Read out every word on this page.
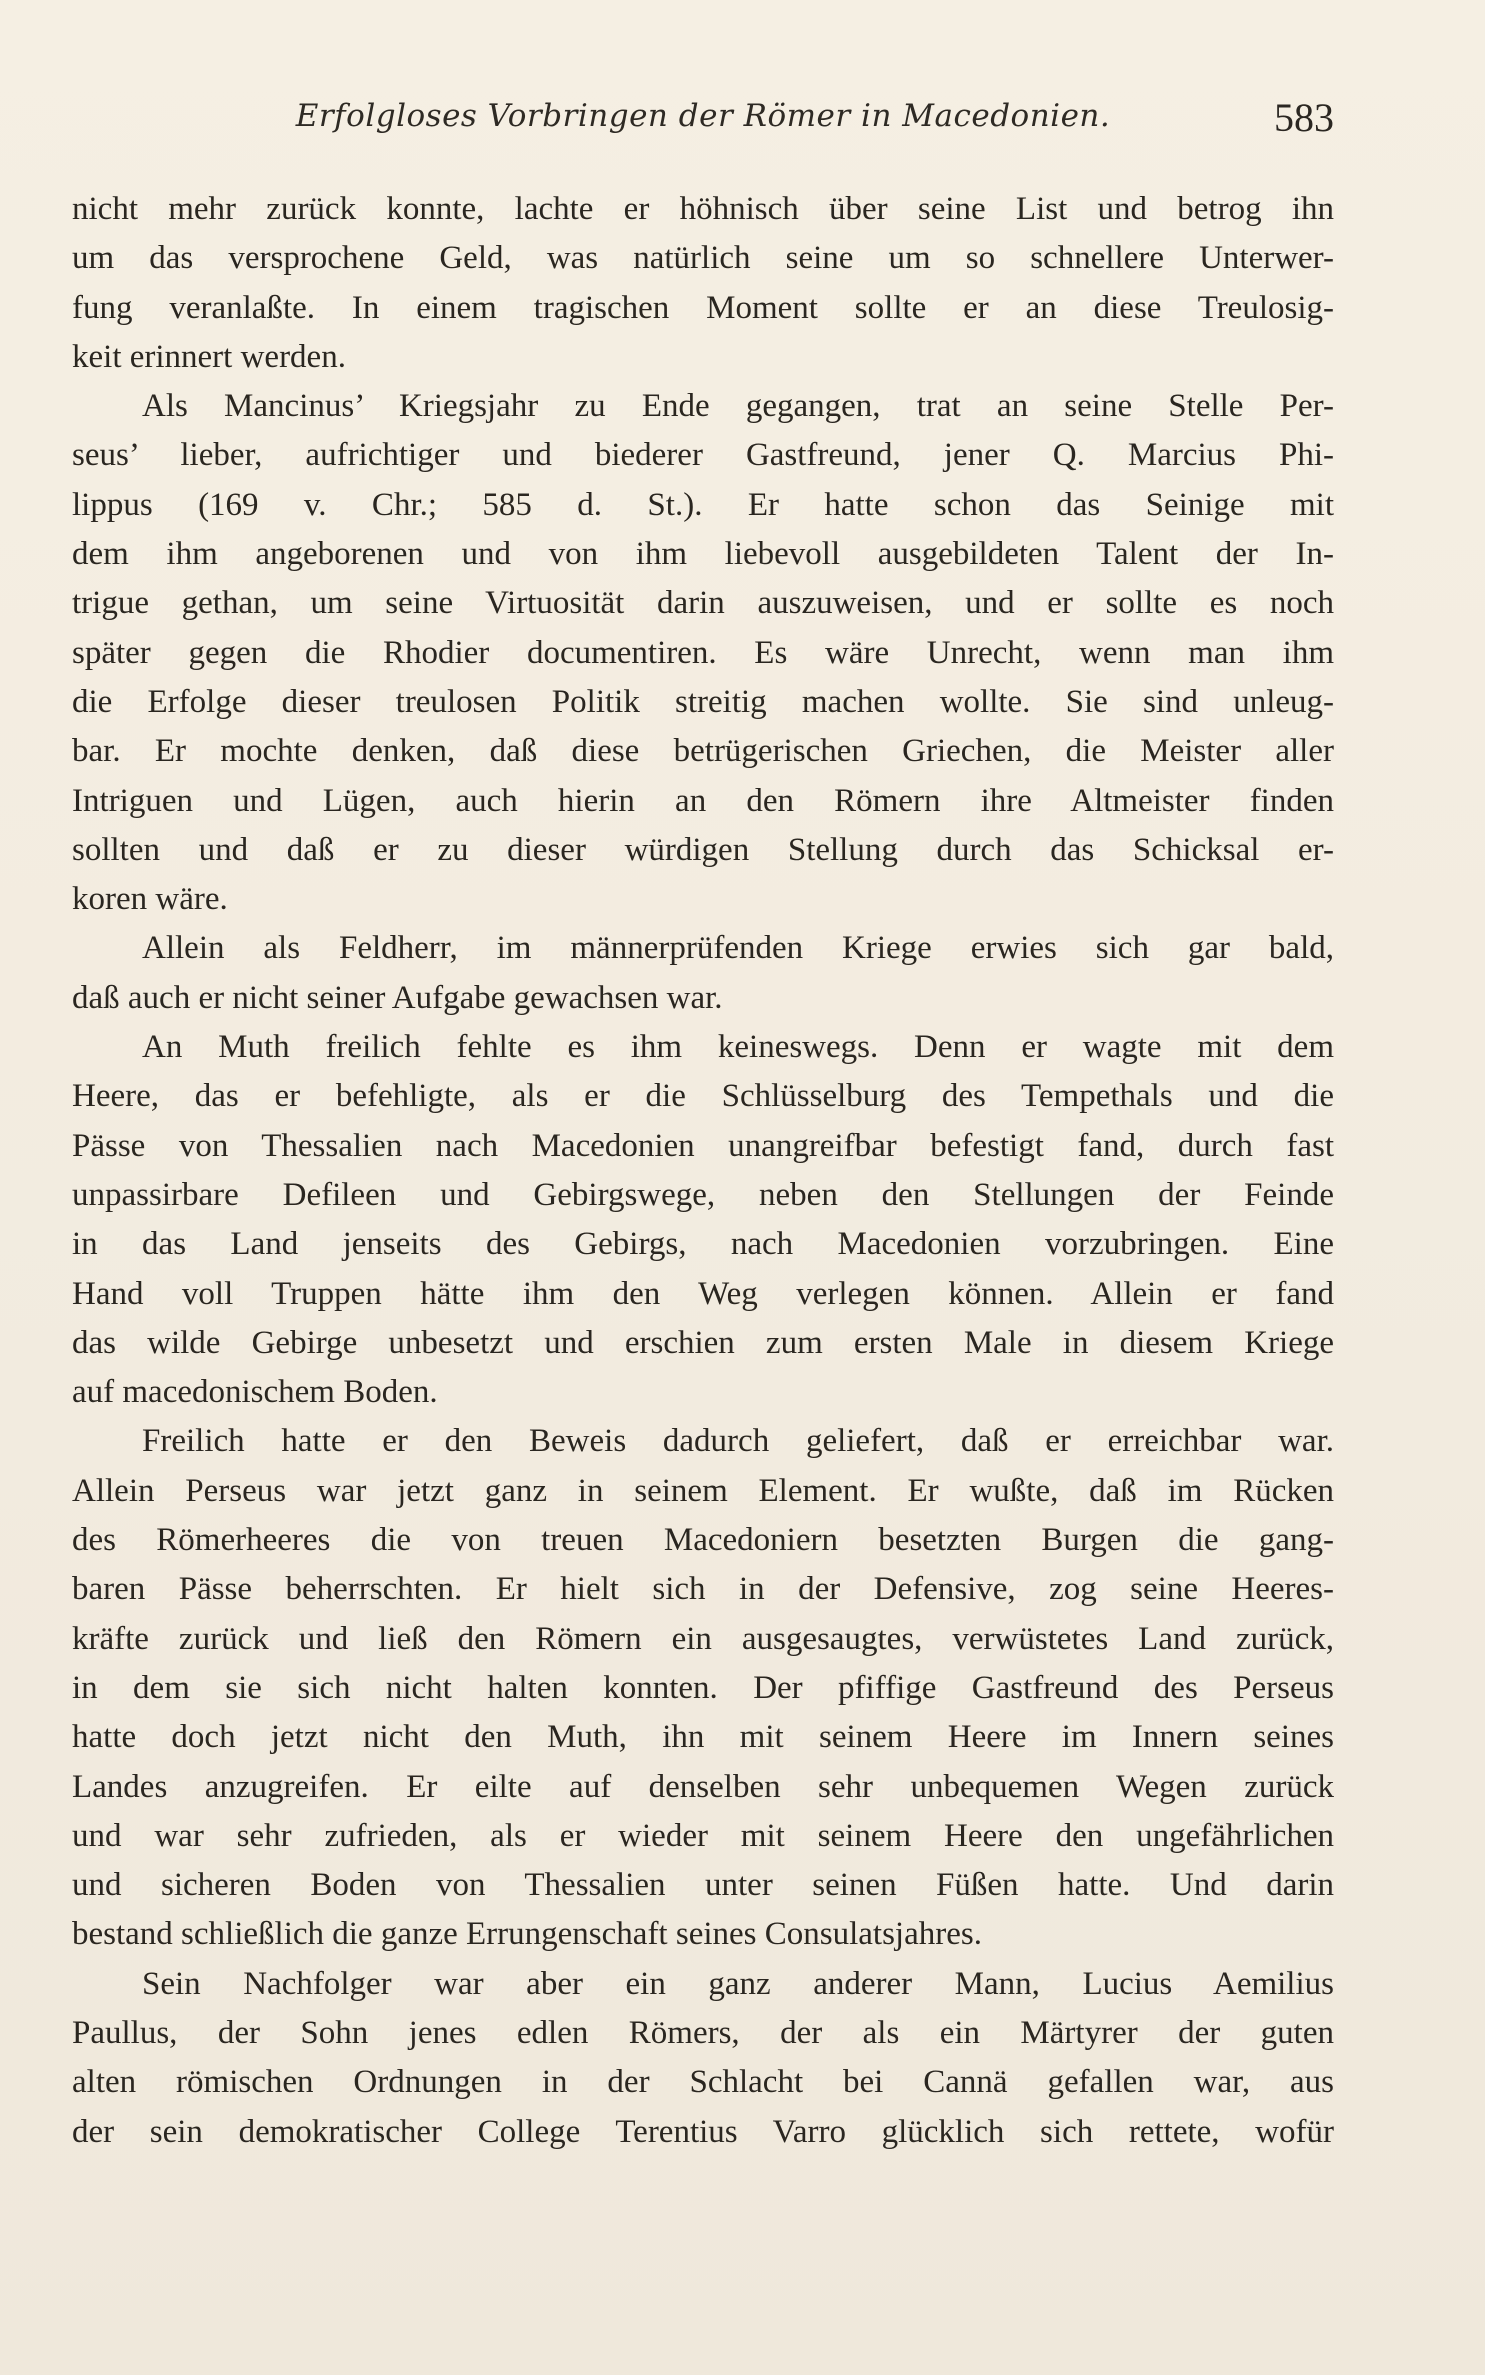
Erfolgloses Vorbringen der Römer in Macedonien.	583
nicht mehr zurück konnte, lachte er höhnisch über seine List und betrog ihn
um das versprochene Geld, was natürlich seine um so schnellere Unterwer-
fung veranlaßte. In einem tragischen Moment sollte er an diese Treulosig-
keit erinnert werden.
Als Mancinus’ Kriegsjahr zu Ende gegangen, trat an seine Stelle Per-
seus’ lieber, aufrichtiger und biederer Gastfreund, jener Q. Marcius Phi-
lippus (169 v. Chr.; 585 d. St.). Er hatte schon das Seinige mit
dem ihm angeborenen und von ihm liebevoll ausgebildeten Talent der In-
trigue gethan, um seine Virtuosität darin auszuweisen, und er sollte es noch
später gegen die Rhodier documentiren. Es wäre Unrecht, wenn man ihm
die Erfolge dieser treulosen Politik streitig machen wollte. Sie sind unleug-
bar. Er mochte denken, daß diese betrügerischen Griechen, die Meister aller
Intriguen und Lügen, auch hierin an den Römern ihre Altmeister finden
sollten und daß er zu dieser würdigen Stellung durch das Schicksal er-
koren wäre.
Allein als Feldherr, im männerprüfenden Kriege erwies sich gar bald,
daß auch er nicht seiner Aufgabe gewachsen war.
An Muth freilich fehlte es ihm keineswegs. Denn er wagte mit dem
Heere, das er befehligte, als er die Schlüsselburg des Tempethals und die
Pässe von Thessalien nach Macedonien unangreifbar befestigt fand, durch fast
unpassirbare Defileen und Gebirgswege, neben den Stellungen der Feinde
in das Land jenseits des Gebirgs, nach Macedonien vorzubringen. Eine
Hand voll Truppen hätte ihm den Weg verlegen können. Allein er fand
das wilde Gebirge unbesetzt und erschien zum ersten Male in diesem Kriege
auf macedonischem Boden.
Freilich hatte er den Beweis dadurch geliefert, daß er erreichbar war.
Allein Perseus war jetzt ganz in seinem Element. Er wußte, daß im Rücken
des Römerheeres die von treuen Macedoniern besetzten Burgen die gang-
baren Pässe beherrschten. Er hielt sich in der Defensive, zog seine Heeres-
kräfte zurück und ließ den Römern ein ausgesaugtes, verwüstetes Land zurück,
in dem sie sich nicht halten konnten. Der pfiffige Gastfreund des Perseus
hatte doch jetzt nicht den Muth, ihn mit seinem Heere im Innern seines
Landes anzugreifen. Er eilte auf denselben sehr unbequemen Wegen zurück
und war sehr zufrieden, als er wieder mit seinem Heere den ungefährlichen
und sicheren Boden von Thessalien unter seinen Füßen hatte. Und darin
bestand schließlich die ganze Errungenschaft seines Consulatsjahres.
Sein Nachfolger war aber ein ganz anderer Mann, Lucius Aemilius
Paullus, der Sohn jenes edlen Römers, der als ein Märtyrer der guten
alten römischen Ordnungen in der Schlacht bei Cannä gefallen war, aus
der sein demokratischer College Terentius Varro glücklich sich rettete, wofür
